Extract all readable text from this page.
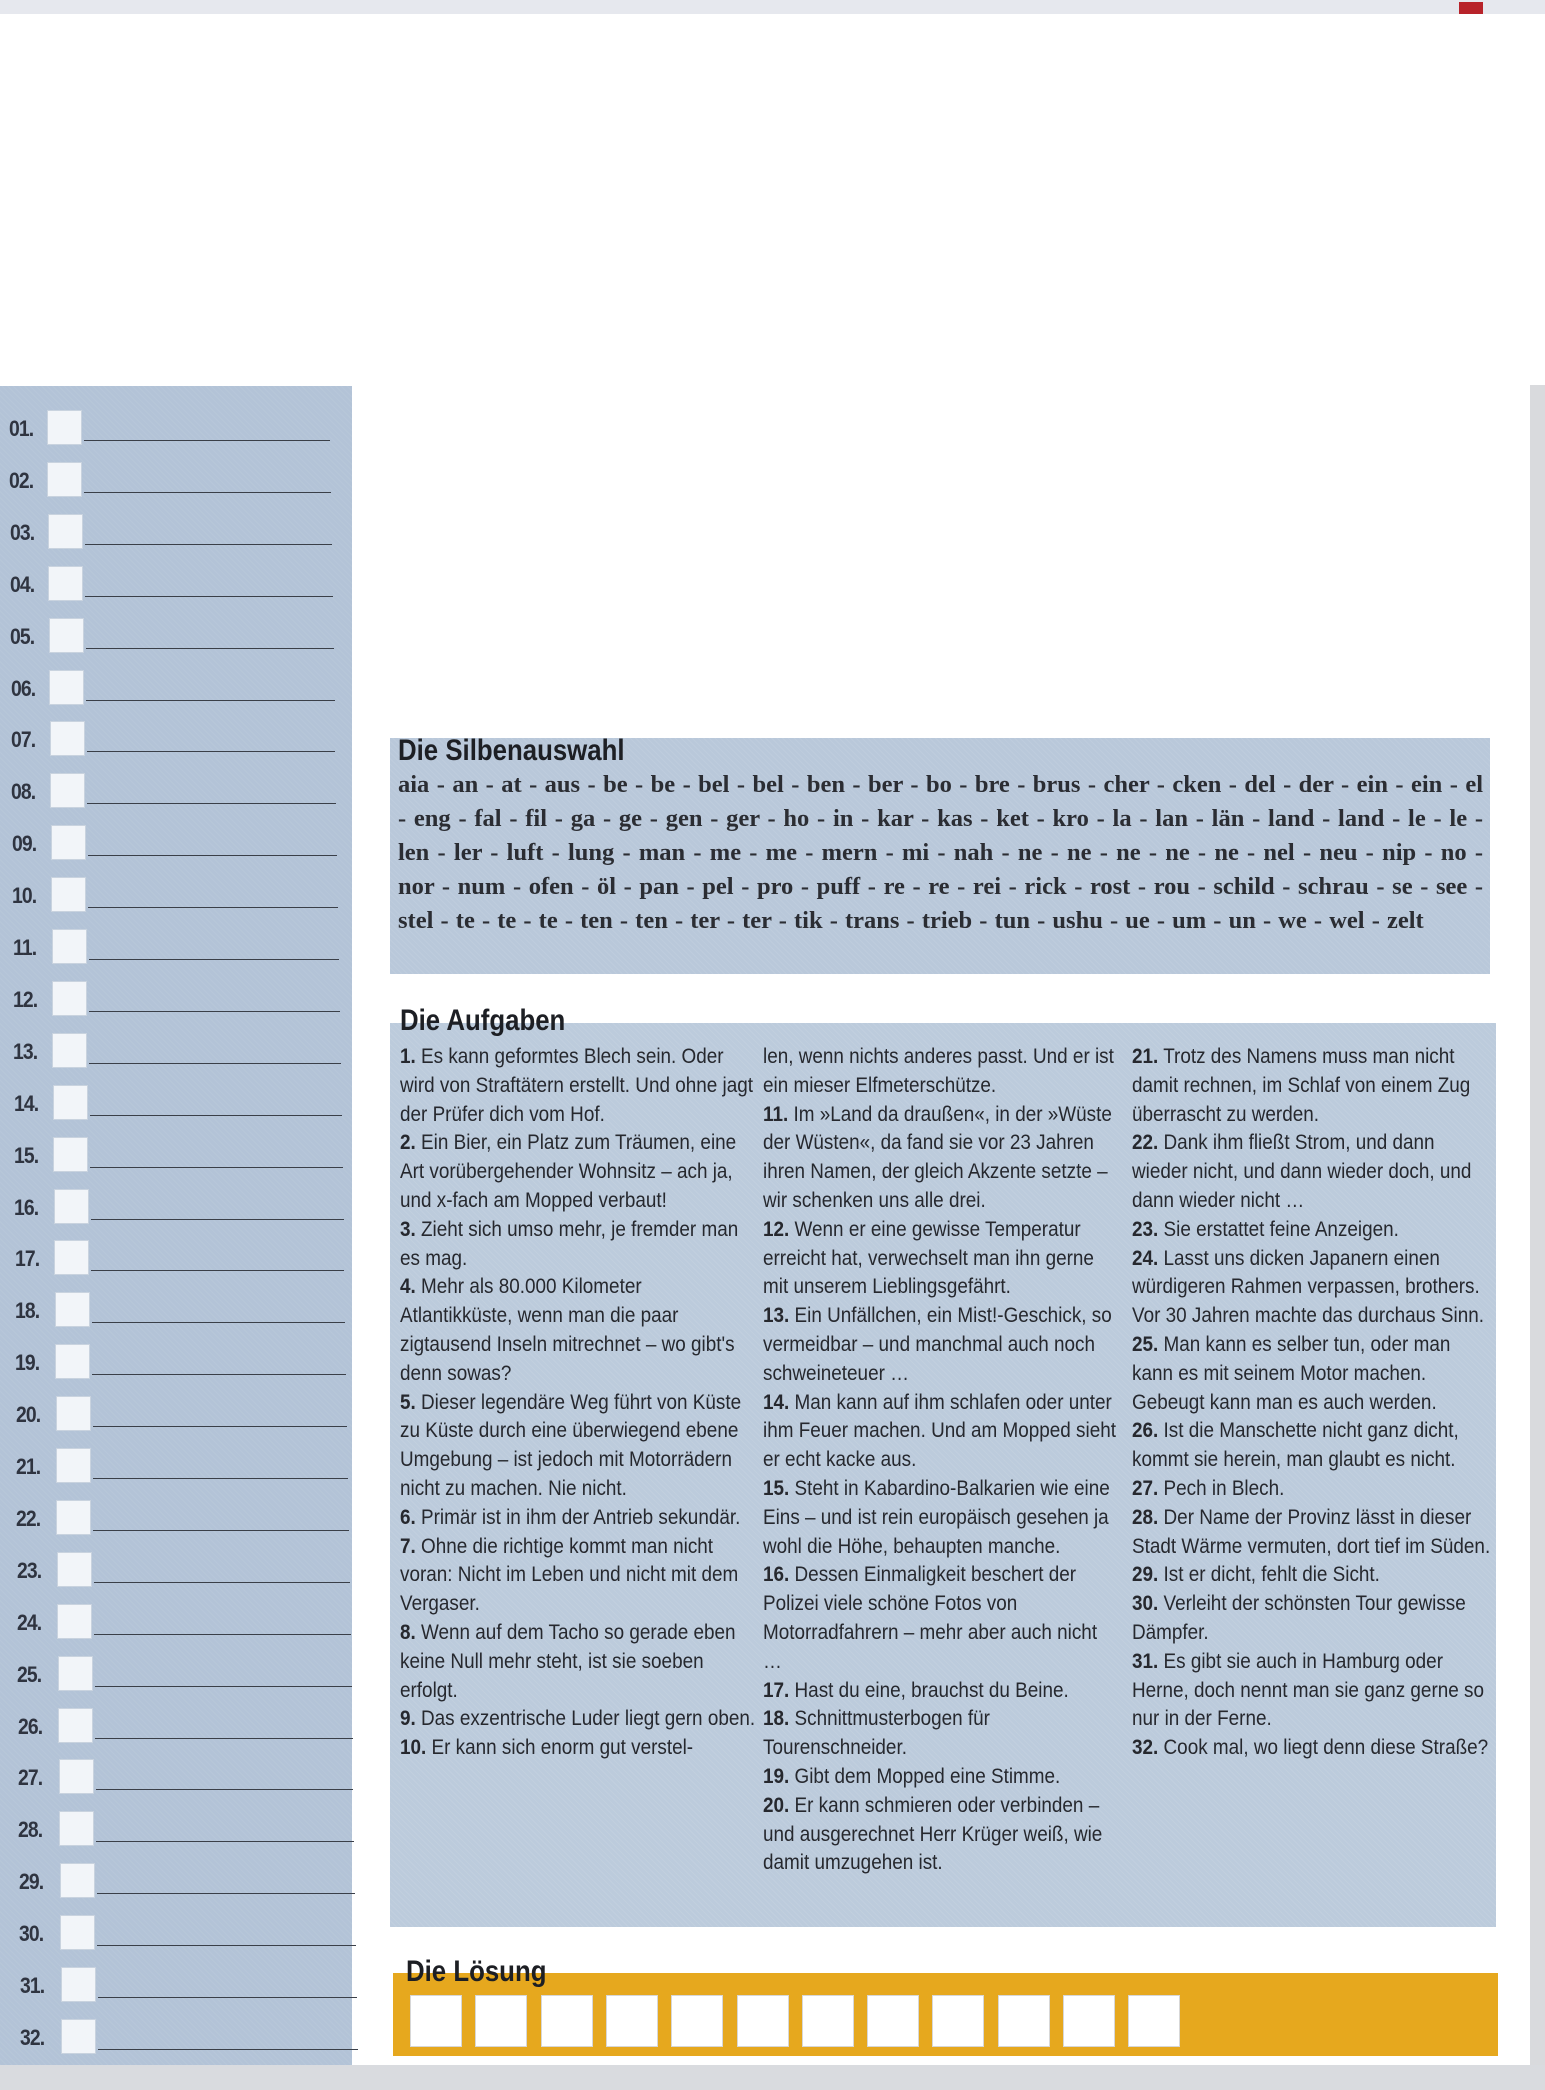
01.
02.
03.
04.
05.
06.
07.
08.
09.
10.
11.
12.
13.
14.
15.
16.
17.
18.
19.
20.
21.
22.
23.
24.
25.
26.
27.
28.
29.
30.
31.
32.
aia - an - at - aus - be - be - bel - bel - ben - ber - bo - bre - brus - cher - cken - del - der - ein - ein - el - eng - fal - fil - ga - ge - gen - ger - ho - in - kar - kas - ket - kro - la - lan - län - land - land - le - le - len - ler - luft - lung - man - me - me - mern - mi - nah - ne - ne - ne - ne - ne - nel - neu - nip - no - nor - num - ofen - öl - pan - pel - pro - puff - re - re - rei - rick - rost - rou - schild - schrau - se - see - stel - te - te - te - ten - ten - ter - ter - tik - trans - trieb - tun - ushu - ue - um - un - we - wel - zelt
Die Silbenauswahl

1. Es kann geformtes Blech sein. Oder wird von Straftätern erstellt. Und ohne jagt der Prüfer dich vom Hof.

2. Ein Bier, ein Platz zum Träumen, eine Art vorübergehender Wohnsitz – ach ja, und x-fach am Mopped verbaut!

3. Zieht sich umso mehr, je fremder man es mag.

4. Mehr als 80.000 Kilometer Atlantikküste, wenn man die paar zigtausend Inseln mitrechnet – wo gibt's denn sowas?

5. Dieser legendäre Weg führt von Küste zu Küste durch eine überwiegend ebene Umgebung – ist jedoch mit Motorrädern nicht zu machen. Nie nicht.

6. Primär ist in ihm der Antrieb sekundär.

7. Ohne die richtige kommt man nicht voran: Nicht im Leben und nicht mit dem Vergaser.

8. Wenn auf dem Tacho so gerade eben keine Null mehr steht, ist sie soeben erfolgt.

9. Das exzentrische Luder liegt gern oben.

10. Er kann sich enorm gut verstel-

len, wenn nichts anderes passt. Und er ist ein mieser Elfmeterschütze.

11. Im »Land da draußen«, in der »Wüste der Wüsten«, da fand sie vor 23 Jahren ihren Namen, der gleich Akzente setzte – wir schenken uns alle drei.

12. Wenn er eine gewisse Temperatur erreicht hat, verwechselt man ihn gerne mit unserem Lieblingsgefährt.

13. Ein Unfällchen, ein Mist!-Geschick, so vermeidbar – und manchmal auch noch schweineteuer …

14. Man kann auf ihm schlafen oder unter ihm Feuer machen. Und am Mopped sieht er echt kacke aus.

15. Steht in Kabardino-Balkarien wie eine Eins – und ist rein europäisch gesehen ja wohl die Höhe, behaupten manche.

16. Dessen Einmaligkeit beschert der Polizei viele schöne Fotos von Motorradfahrern – mehr aber auch nicht …

17. Hast du eine, brauchst du Beine.

18. Schnittmusterbogen für Tourenschneider.

19. Gibt dem Mopped eine Stimme.

20. Er kann schmieren oder verbinden – und ausgerechnet Herr Krüger weiß, wie damit umzugehen ist.

21. Trotz des Namens muss man nicht damit rechnen, im Schlaf von einem Zug überrascht zu werden.

22. Dank ihm fließt Strom, und dann wieder nicht, und dann wieder doch, und dann wieder nicht …

23. Sie erstattet feine Anzeigen.

24. Lasst uns dicken Japanern einen würdigeren Rahmen verpassen, brothers. Vor 30 Jahren machte das durchaus Sinn.

25. Man kann es selber tun, oder man kann es mit seinem Motor machen. Gebeugt kann man es auch werden.

26. Ist die Manschette nicht ganz dicht, kommt sie herein, man glaubt es nicht.

27. Pech in Blech.

28. Der Name der Provinz lässt in dieser Stadt Wärme vermuten, dort tief im Süden.

29. Ist er dicht, fehlt die Sicht.

30. Verleiht der schönsten Tour gewisse Dämpfer.

31. Es gibt sie auch in Hamburg oder Herne, doch nennt man sie ganz gerne so nur in der Ferne.

32. Cook mal, wo liegt denn diese Straße?

Die Aufgaben
Die Lösung
